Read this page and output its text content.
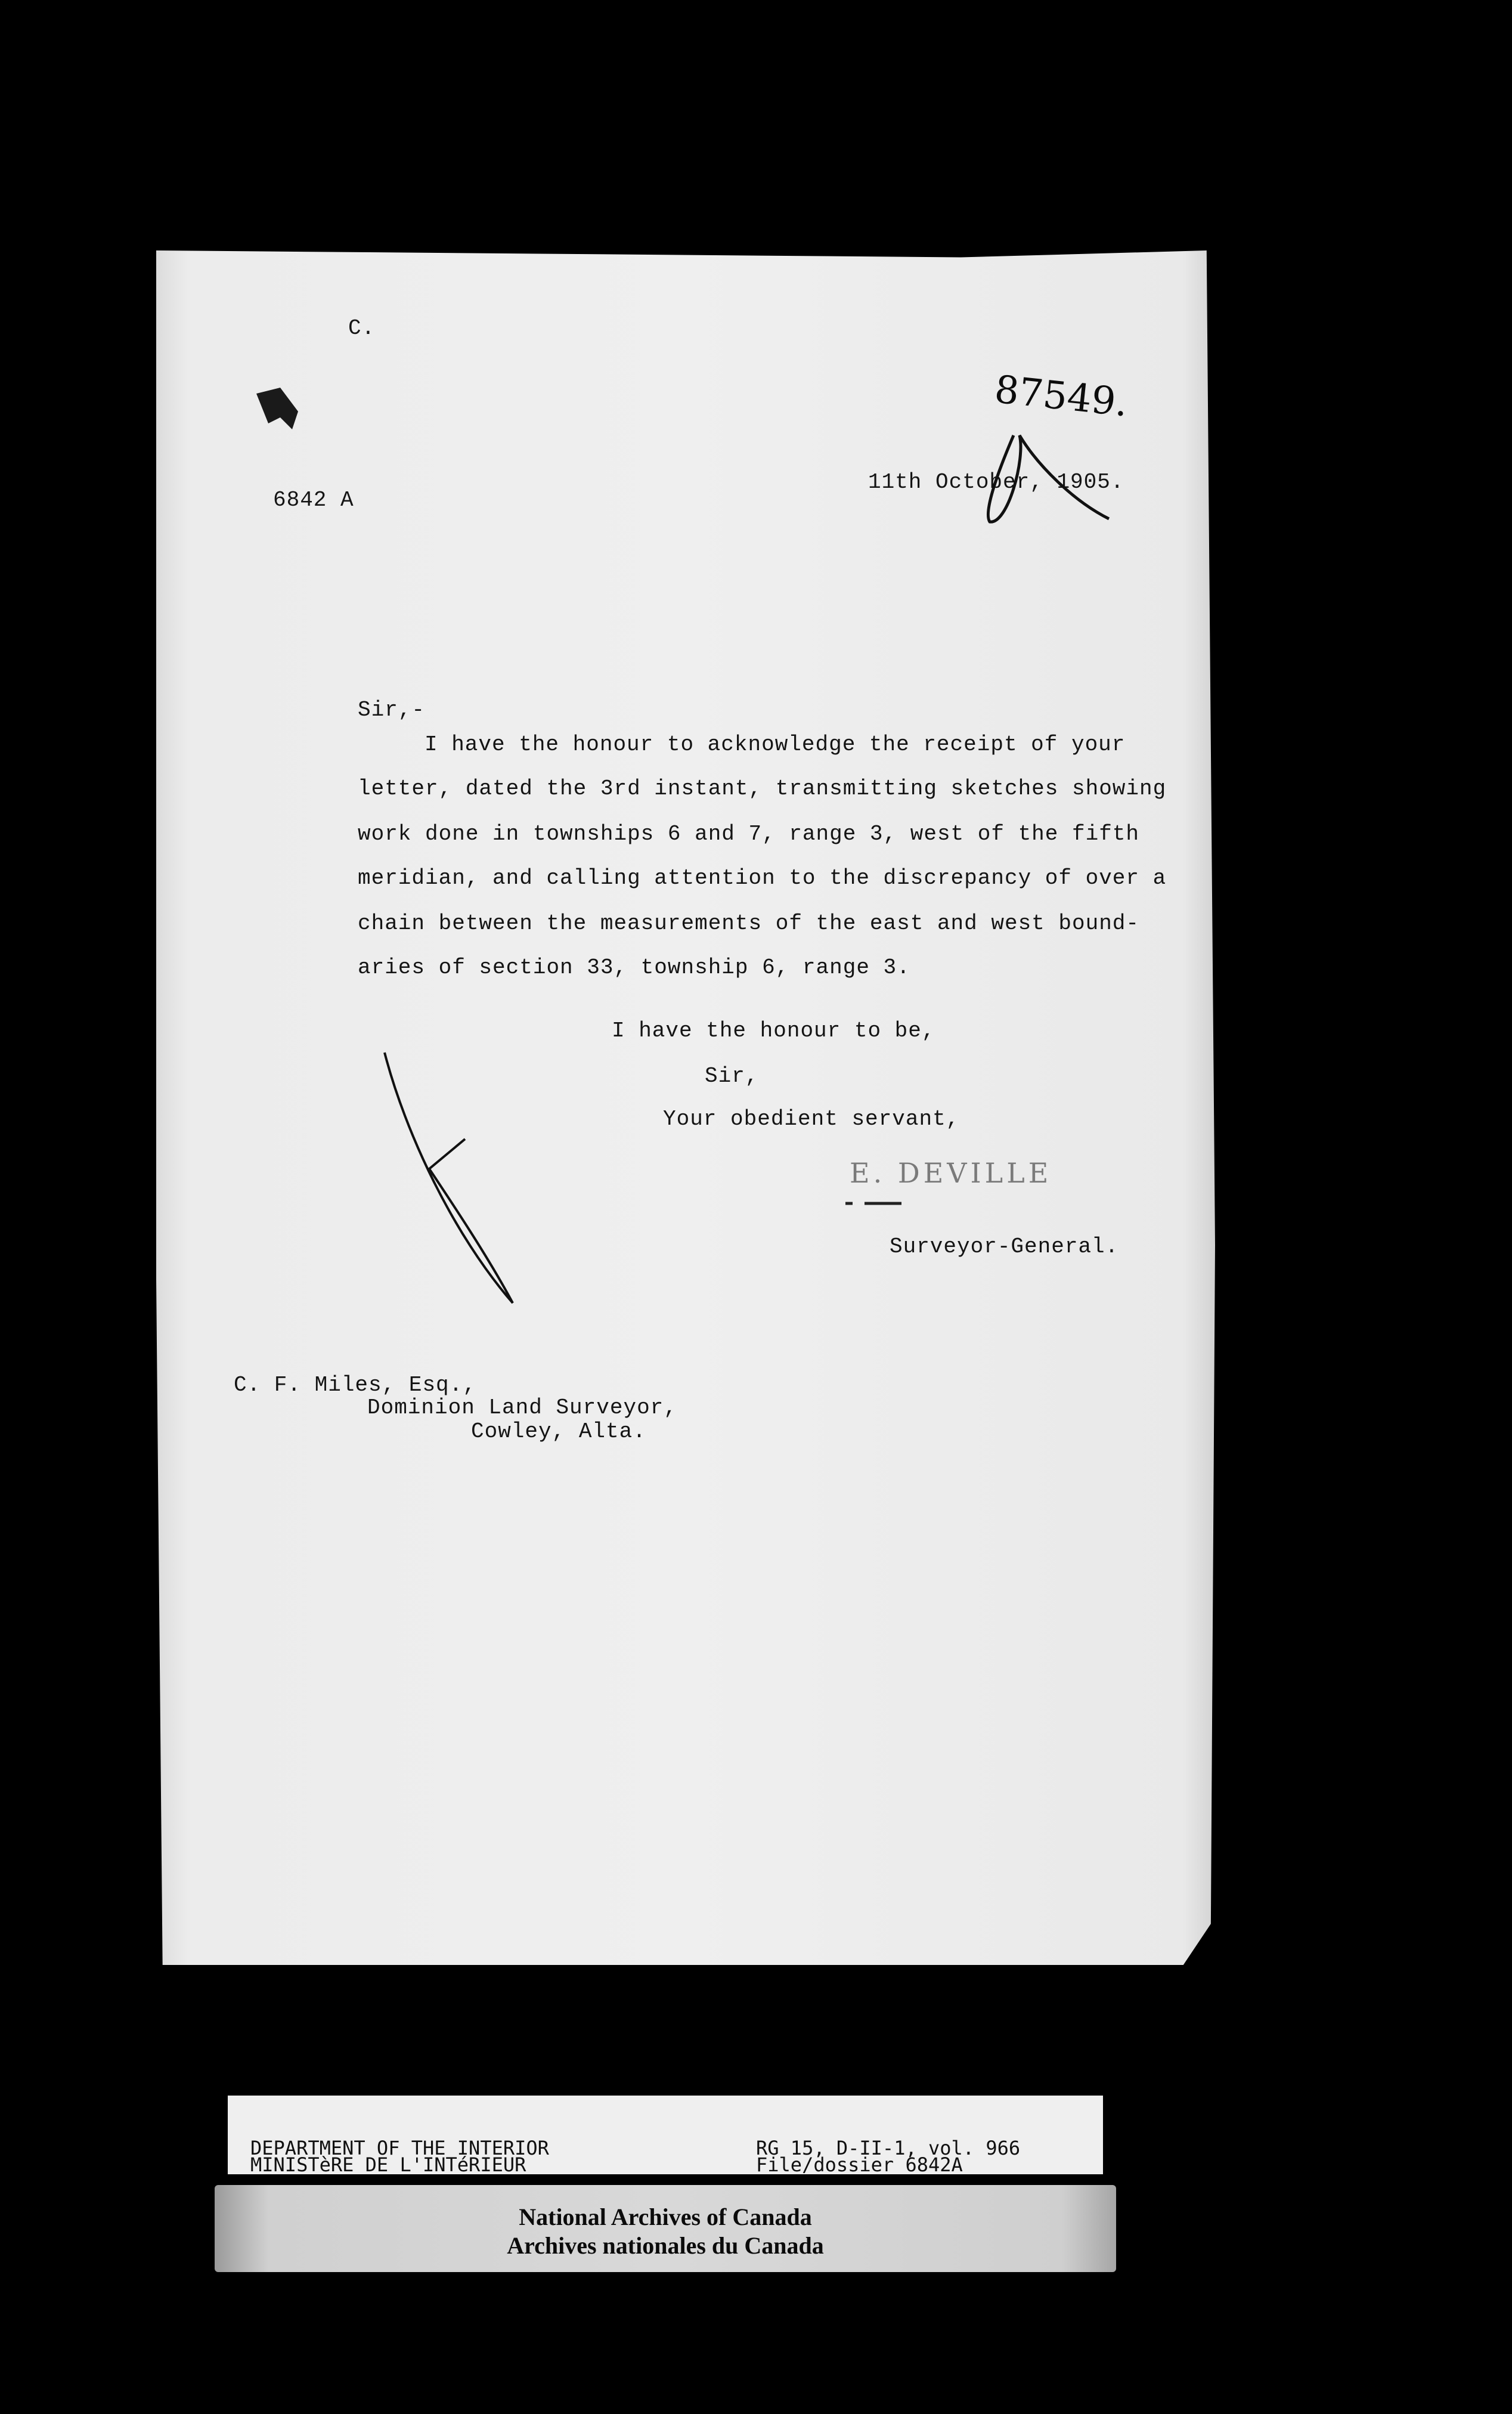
C.
6842 A
87549.
11th October, 1905.
Sir,-
I have the honour to acknowledge the receipt of your
letter, dated the 3rd instant, transmitting sketches showing
work done in townships 6 and 7, range 3, west of the fifth
meridian, and calling attention to the discrepancy of over a
chain between the measurements of the east and west bound-
aries of section 33, township 6, range 3.
I have the honour to be,
Sir,
Your obedient servant,
E. DEVILLE
Surveyor-General.
C. F. Miles, Esq.,
Dominion Land Surveyor,
Cowley, Alta.
DEPARTMENT OF THE INTERIOR
MINISTèRE DE L'INTéRIEUR
RG 15, D-II-1, vol. 966
File/dossier 6842A
National Archives of Canada
Archives nationales du Canada
